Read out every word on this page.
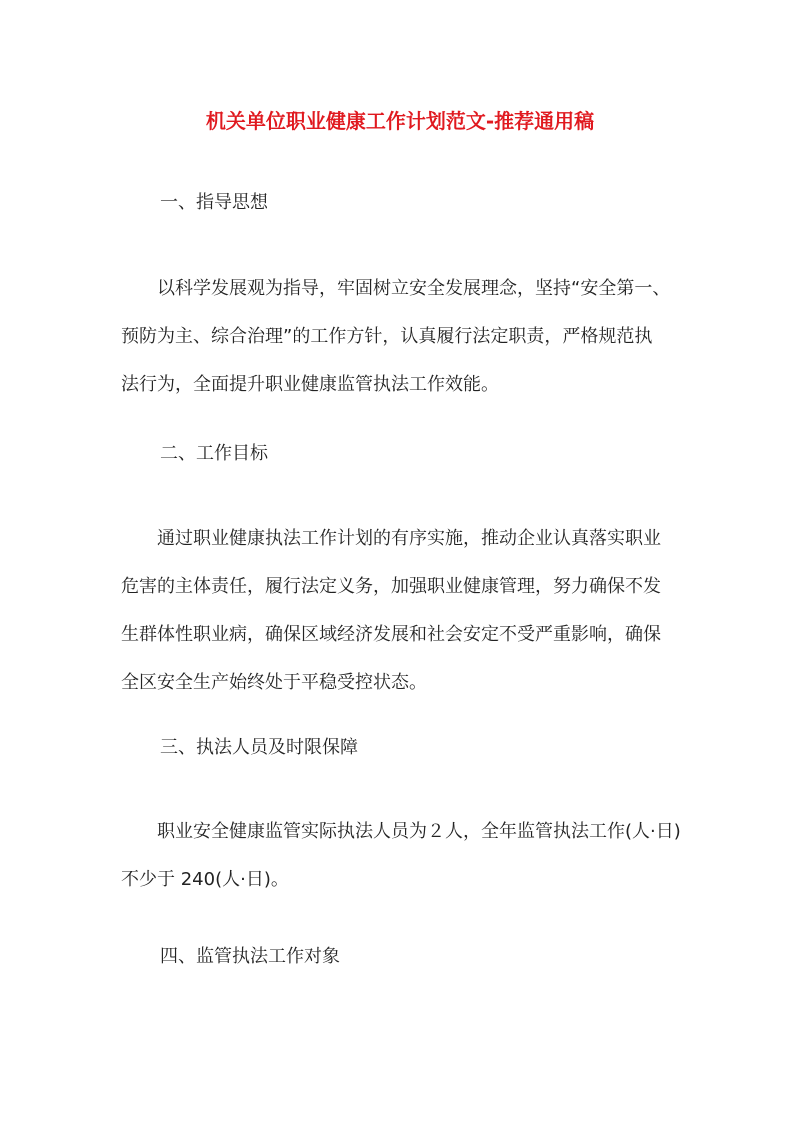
机关单位职业健康工作计划范文-推荐通用稿
一、指导思想
　　以科学发展观为指导，牢固树立安全发展理念，坚持“安全第一、
预防为主、综合治理”的工作方针，认真履行法定职责，严格规范执
法行为，全面提升职业健康监管执法工作效能。
二、工作目标
　　通过职业健康执法工作计划的有序实施，推动企业认真落实职业
危害的主体责任，履行法定义务，加强职业健康管理，努力确保不发
生群体性职业病，确保区域经济发展和社会安定不受严重影响，确保
全区安全生产始终处于平稳受控状态。
三、执法人员及时限保障
　　职业安全健康监管实际执法人员为２人，全年监管执法工作(人·日)
不少于 240(人·日)。
四、监管执法工作对象
